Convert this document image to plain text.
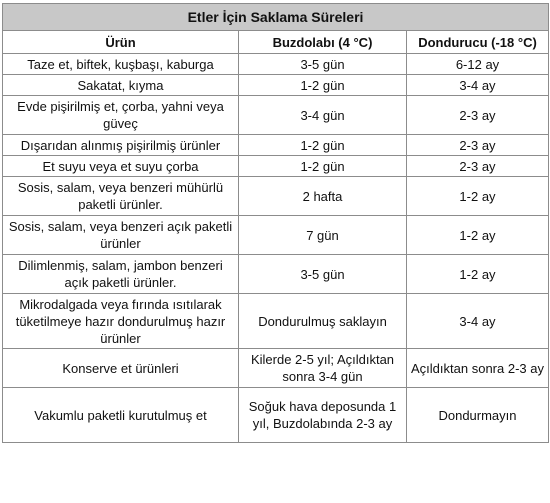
Etler İçin Saklama Süreleri		
Ürün	Buzdolabı (4 °C)	Dondurucu (-18 °C)
Taze et, biftek, kuşbaşı, kaburga	3-5 gün	6-12 ay
Sakatat, kıyma	1-2 gün	3-4 ay
Evde pişirilmiş et, çorba, yahni veya güveç	3-4 gün	2-3 ay
Dışarıdan alınmış pişirilmiş ürünler	1-2 gün	2-3 ay
Et suyu veya et suyu çorba	1-2 gün	2-3 ay
Sosis, salam, veya benzeri mühürlü paketli ürünler.	2 hafta	1-2 ay
Sosis, salam, veya benzeri açık paketli ürünler	7 gün	1-2 ay
Dilimlenmiş, salam, jambon benzeri açık paketli ürünler.	3-5 gün	1-2 ay
Mikrodalgada veya fırında ısıtılarak tüketilmeye hazır dondurulmuş hazır ürünler	Dondurulmuş saklayın	3-4 ay
Konserve et ürünleri	Kilerde 2-5 yıl; Açıldıktan sonra 3-4 gün	Açıldıktan sonra 2-3 ay
Vakumlu paketli kurutulmuş et	Soğuk hava deposunda 1 yıl, Buzdolabında 2-3 ay	Dondurmayın
